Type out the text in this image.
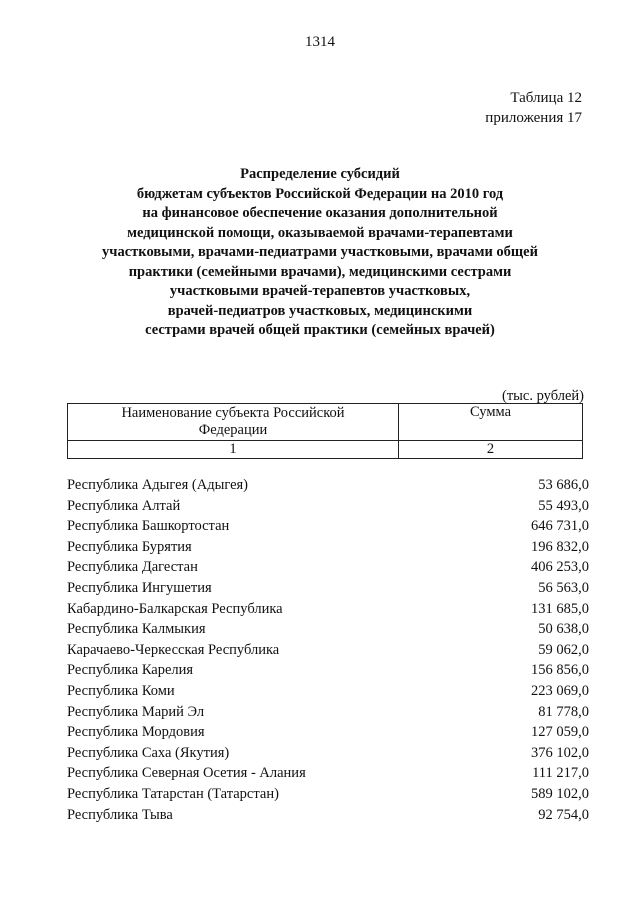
1314
Таблица 12
приложения 17
Распределение субсидий
бюджетам субъектов Российской Федерации на 2010 год
на финансовое обеспечение оказания дополнительной
медицинской помощи, оказываемой врачами-терапевтами
участковыми, врачами-педиатрами участковыми, врачами общей
практики (семейными врачами), медицинскими сестрами
участковыми врачей-терапевтов участковых,
врачей-педиатров участковых, медицинскими
сестрами врачей общей практики (семейных врачей)
(тыс. рублей)
Наименование субъекта Российской
Федерации	Сумма

1	2
Республика Адыгея (Адыгея)	53 686,0
Республика Алтай	55 493,0
Республика Башкортостан	646 731,0
Республика Бурятия	196 832,0
Республика Дагестан	406 253,0
Республика Ингушетия	56 563,0
Кабардино-Балкарская Республика	131 685,0
Республика Калмыкия	50 638,0
Карачаево-Черкесская Республика	59 062,0
Республика Карелия	156 856,0
Республика Коми	223 069,0
Республика Марий Эл	81 778,0
Республика Мордовия	127 059,0
Республика Саха (Якутия)	376 102,0
Республика Северная Осетия - Алания	111 217,0
Республика Татарстан (Татарстан)	589 102,0
Республика Тыва	92 754,0
